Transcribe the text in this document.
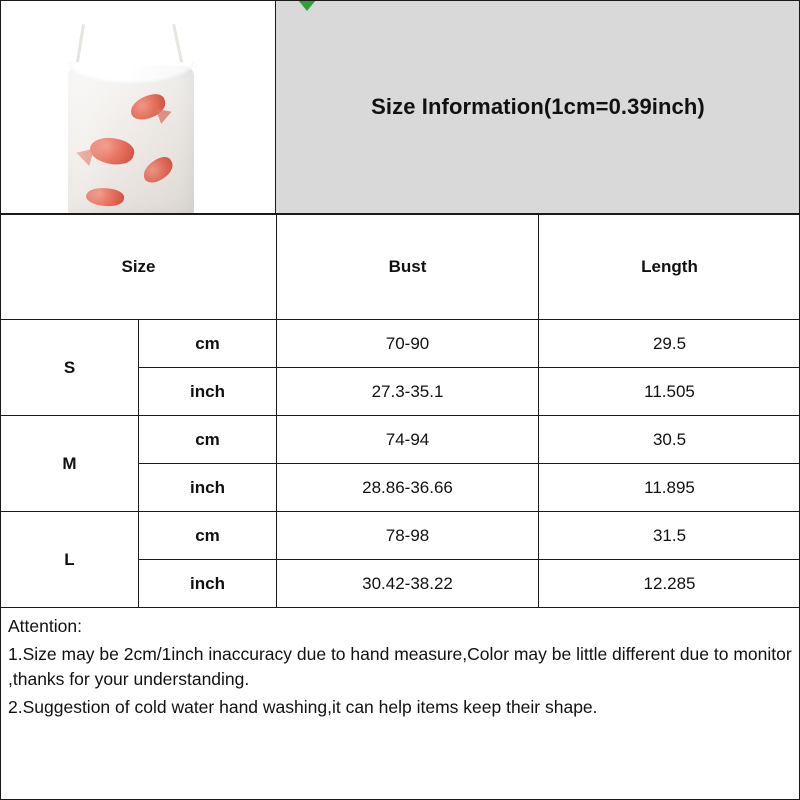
Size Information(1cm=0.39inch)
Size		Bust	Length
S	cm	70-90	29.5
	inch	27.3-35.1	11.505
M	cm	74-94	30.5
	inch	28.86-36.66	11.895
L	cm	78-98	31.5
	inch	30.42-38.22	12.285

Attention:

1.Size may be 2cm/1inch inaccuracy due to hand measure,Color may be little different due to monitor ,thanks for your understanding.

2.Suggestion of cold water hand washing,it can help items keep their shape.
